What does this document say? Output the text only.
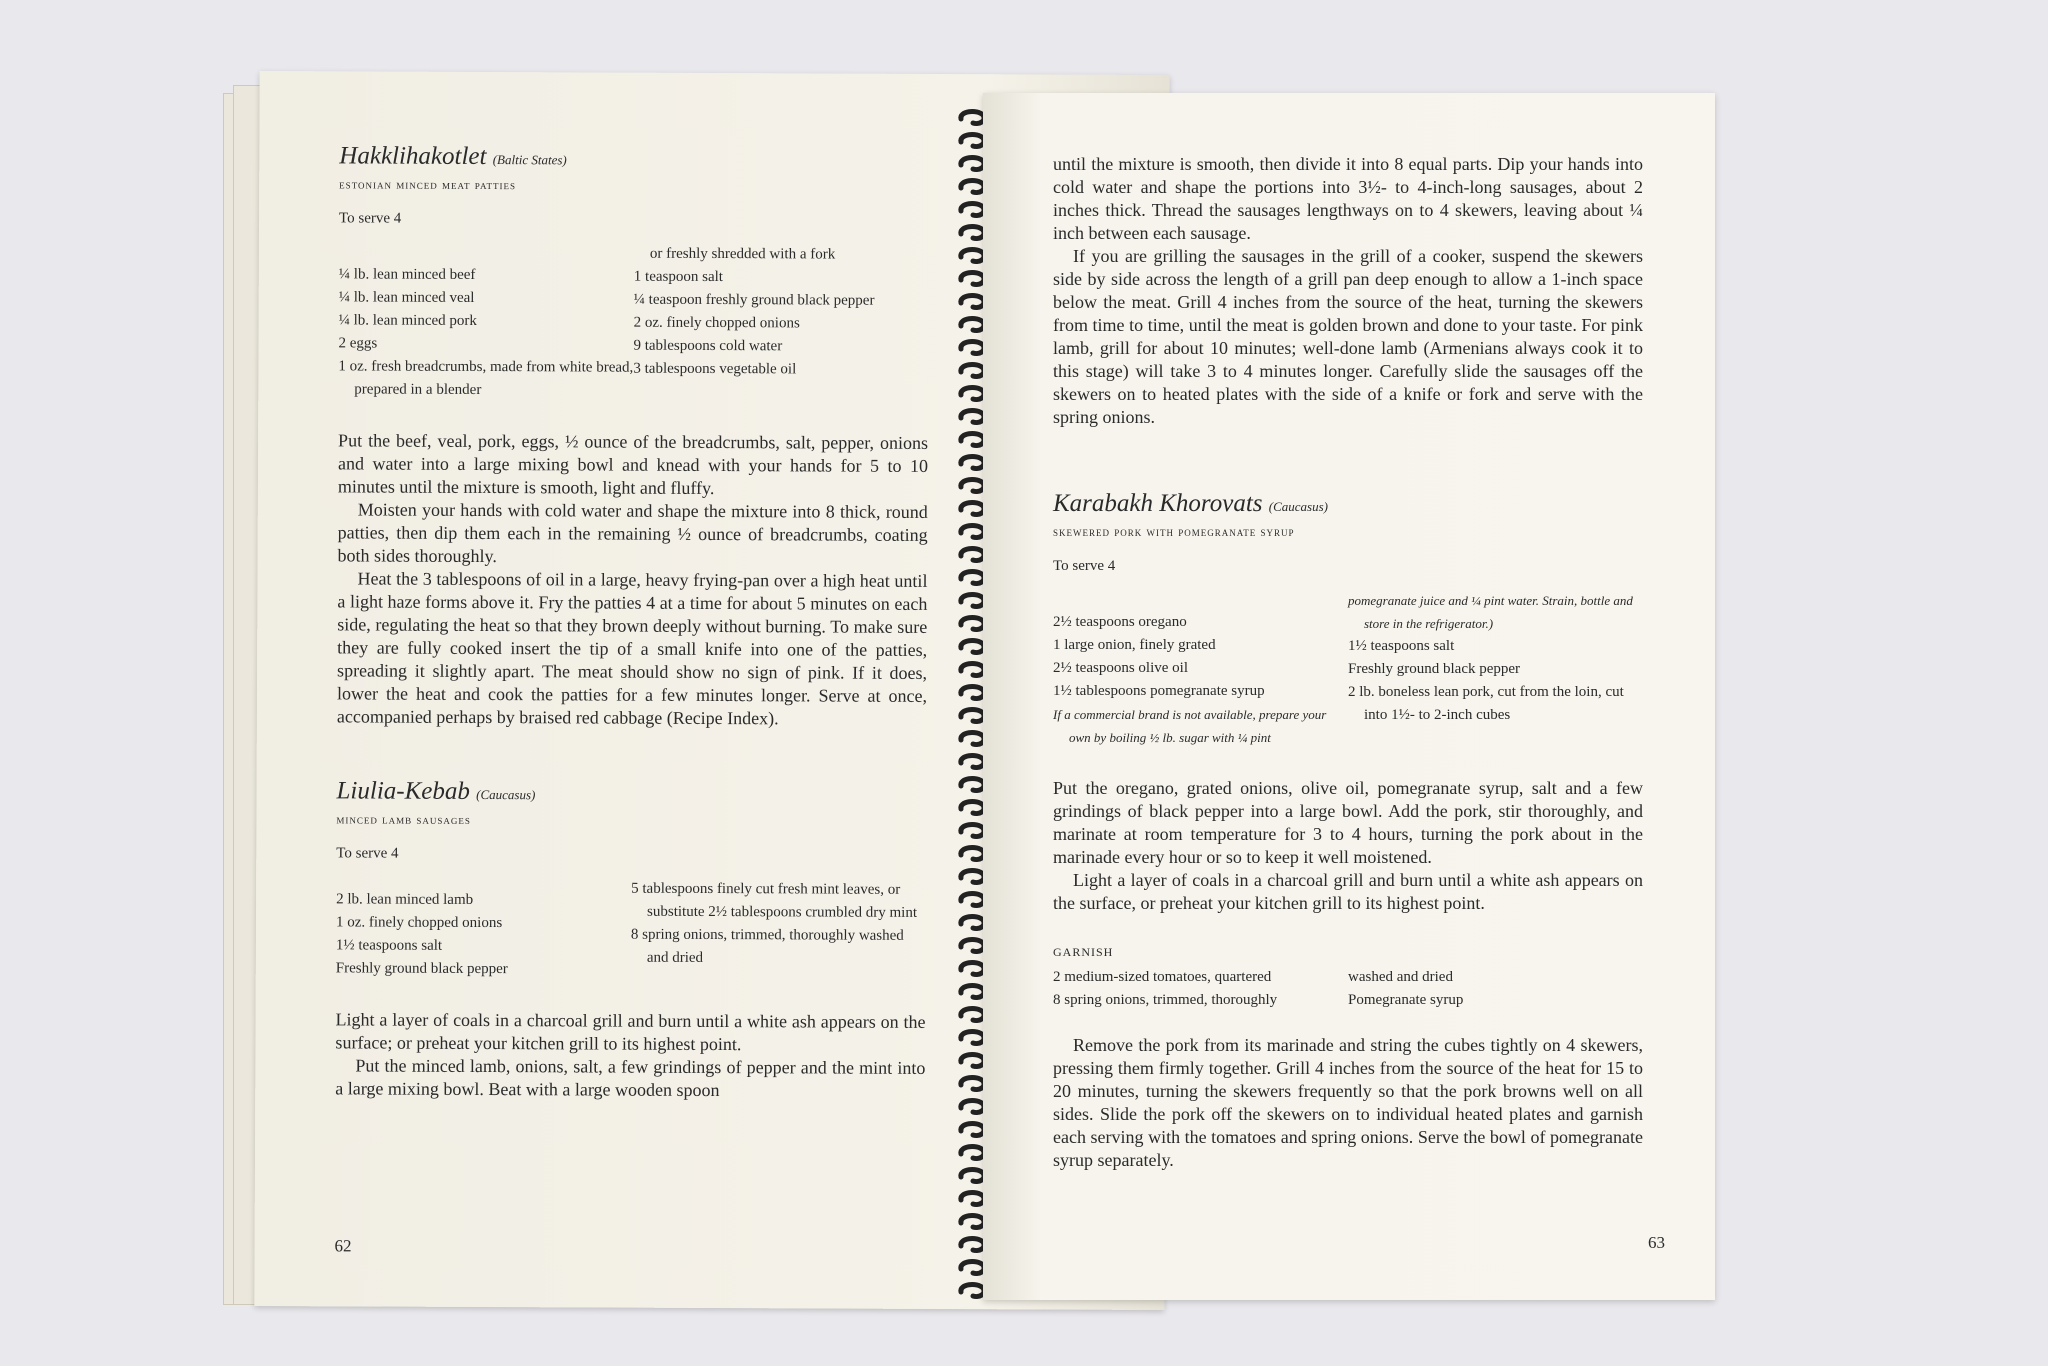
Hakklihakotlet (Baltic States)
estonian minced meat patties
To serve 4
¼ lb. lean minced beef
¼ lb. lean minced veal
¼ lb. lean minced pork
2 eggs
1 oz. fresh breadcrumbs, made from white bread, prepared in a blender
or freshly shredded with a fork
1 teaspoon salt
¼ teaspoon freshly ground black pepper
2 oz. finely chopped onions
9 tablespoons cold water
3 tablespoons vegetable oil

Put the beef, veal, pork, eggs, ½ ounce of the breadcrumbs, salt, pepper, onions and water into a large mixing bowl and knead with your hands for 5 to 10 minutes until the mixture is smooth, light and fluffy.

Moisten your hands with cold water and shape the mixture into 8 thick, round patties, then dip them each in the remaining ½ ounce of breadcrumbs, coating both sides thoroughly.

Heat the 3 tablespoons of oil in a large, heavy frying-pan over a high heat until a light haze forms above it. Fry the patties 4 at a time for about 5 minutes on each side, regulating the heat so that they brown deeply without burning. To make sure they are fully cooked insert the tip of a small knife into one of the patties, spreading it slightly apart. The meat should show no sign of pink. If it does, lower the heat and cook the patties for a few minutes longer. Serve at once, accompanied perhaps by braised red cabbage (Recipe Index).

Liulia-Kebab (Caucasus)
minced lamb sausages
To serve 4
2 lb. lean minced lamb
1 oz. finely chopped onions
1½ teaspoons salt
Freshly ground black pepper
5 tablespoons finely cut fresh mint leaves, or substitute 2½ tablespoons crumbled dry mint
8 spring onions, trimmed, thoroughly washed and dried

Light a layer of coals in a charcoal grill and burn until a white ash appears on the surface; or preheat your kitchen grill to its highest point.

Put the minced lamb, onions, salt, a few grindings of pepper and the mint into a large mixing bowl. Beat with a large wooden spoon

62

until the mixture is smooth, then divide it into 8 equal parts. Dip your hands into cold water and shape the portions into 3½- to 4-inch-long sausages, about 2 inches thick. Thread the sausages lengthways on to 4 skewers, leaving about ¼ inch between each sausage.

If you are grilling the sausages in the grill of a cooker, suspend the skewers side by side across the length of a grill pan deep enough to allow a 1-inch space below the meat. Grill 4 inches from the source of the heat, turning the skewers from time to time, until the meat is golden brown and done to your taste. For pink lamb, grill for about 10 minutes; well-done lamb (Armenians always cook it to this stage) will take 3 to 4 minutes longer. Carefully slide the sausages off the skewers on to heated plates with the side of a knife or fork and serve with the spring onions.

Karabakh Khorovats (Caucasus)
skewered pork with pomegranate syrup
To serve 4
2½ teaspoons oregano
1 large onion, finely grated
2½ teaspoons olive oil
1½ tablespoons pomegranate syrup
If a commercial brand is not available, prepare your own by boiling ½ lb. sugar with ¼ pint
pomegranate juice and ¼ pint water. Strain, bottle and store in the refrigerator.)
1½ teaspoons salt
Freshly ground black pepper
2 lb. boneless lean pork, cut from the loin, cut into 1½- to 2-inch cubes

Put the oregano, grated onions, olive oil, pomegranate syrup, salt and a few grindings of black pepper into a large bowl. Add the pork, stir thoroughly, and marinate at room temperature for 3 to 4 hours, turning the pork about in the marinade every hour or so to keep it well moistened.

Light a layer of coals in a charcoal grill and burn until a white ash appears on the surface, or preheat your kitchen grill to its highest point.

GARNISH
2 medium-sized tomatoes, quartered
8 spring onions, trimmed, thoroughly
washed and dried
Pomegranate syrup

Remove the pork from its marinade and string the cubes tightly on 4 skewers, pressing them firmly together. Grill 4 inches from the source of the heat for 15 to 20 minutes, turning the skewers frequently so that the pork browns well on all sides. Slide the pork off the skewers on to individual heated plates and garnish each serving with the tomatoes and spring onions. Serve the bowl of pomegranate syrup separately.

63
